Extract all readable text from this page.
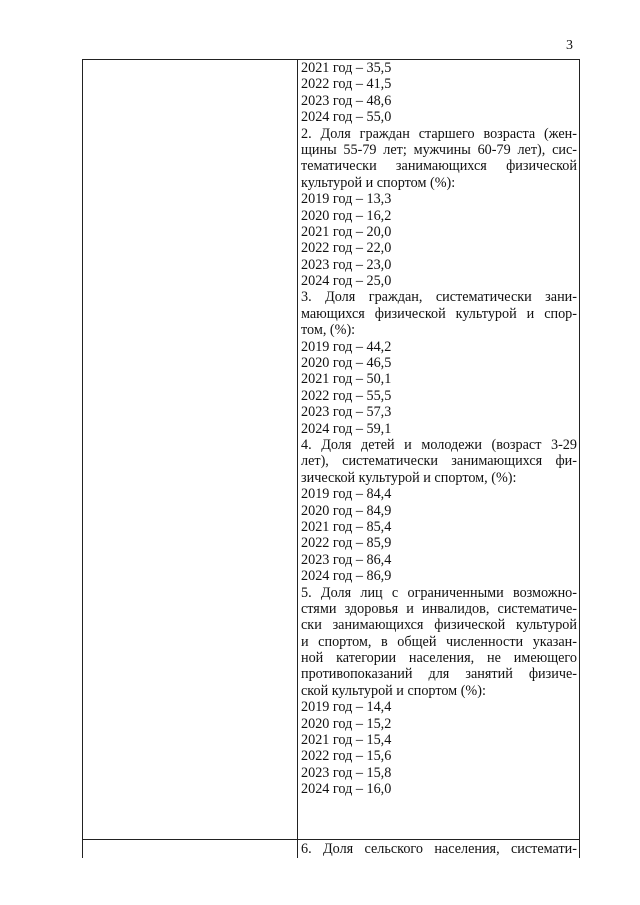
3
2021 год – 35,5
2022 год – 41,5
2023 год – 48,6
2024 год – 55,0
2. Доля граждан старшего возраста (жен-
щины 55-79 лет; мужчины 60-79 лет), сис-
тематически занимающихся физической
культурой и спортом (%):
2019 год – 13,3
2020 год – 16,2
2021 год – 20,0
2022 год – 22,0
2023 год – 23,0
2024 год – 25,0
3. Доля граждан, систематически зани-
мающихся физической культурой и спор-
том, (%):
2019 год – 44,2
2020 год – 46,5
2021 год – 50,1
2022 год – 55,5
2023 год – 57,3
2024 год – 59,1
4. Доля детей и молодежи (возраст 3-29
лет), систематически занимающихся фи-
зической культурой и спортом, (%):
2019 год – 84,4
2020 год – 84,9
2021 год – 85,4
2022 год – 85,9
2023 год – 86,4
2024 год – 86,9
5. Доля лиц с ограниченными возможно-
стями здоровья и инвалидов, систематиче-
ски занимающихся физической культурой
и спортом, в общей численности указан-
ной категории населения, не имеющего
противопоказаний для занятий физиче-
ской культурой и спортом (%):
2019 год – 14,4
2020 год – 15,2
2021 год – 15,4
2022 год – 15,6
2023 год – 15,8
2024 год – 16,0
6. Доля сельского населения, системати-
